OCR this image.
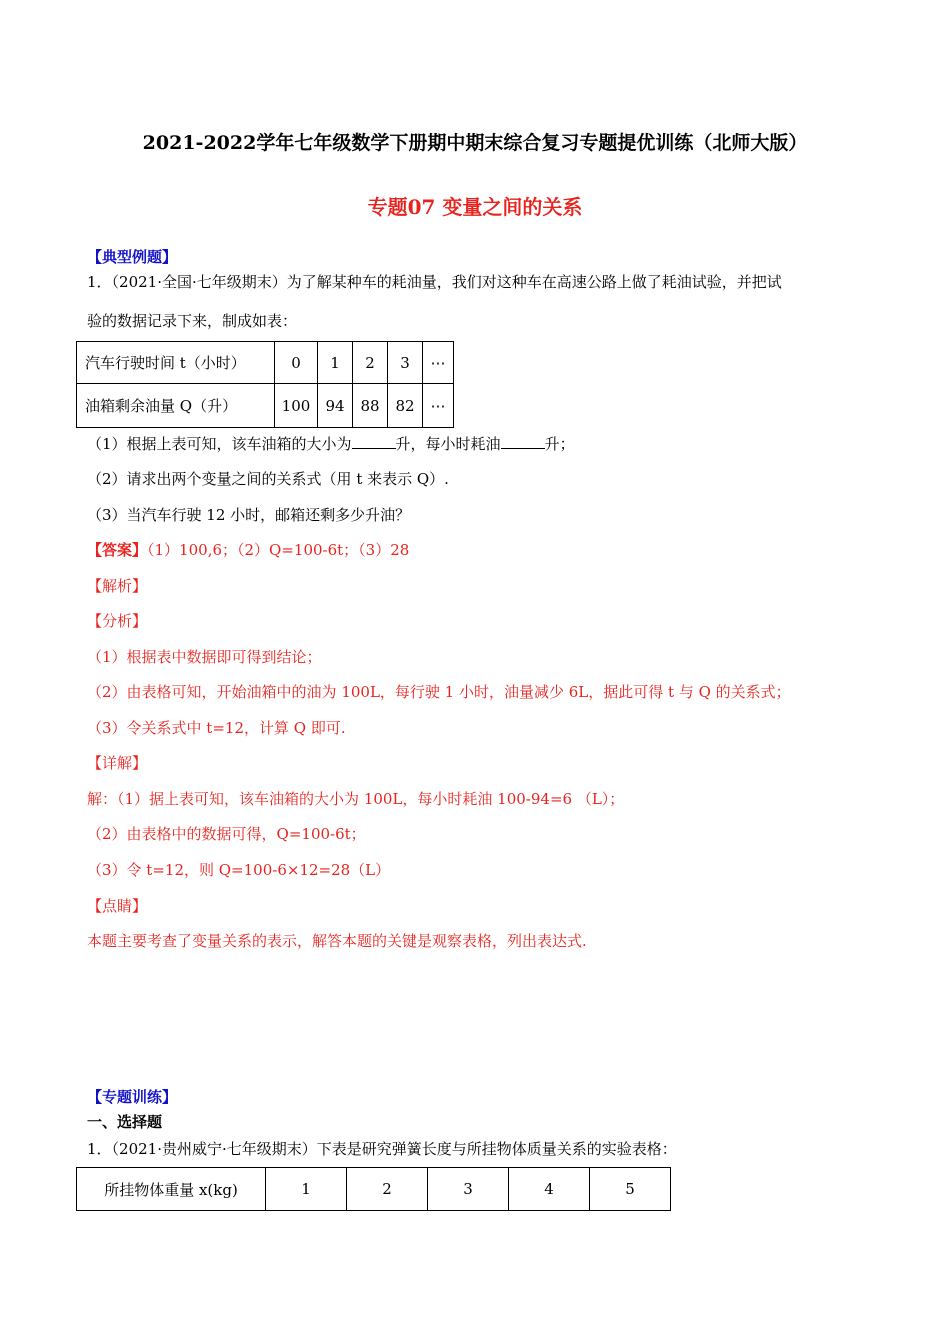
2021-2022学年七年级数学下册期中期末综合复习专题提优训练（北师大版）
专题07 变量之间的关系
【典型例题】
1．（2021·全国·七年级期末）为了解某种车的耗油量，我们对这种车在高速公路上做了耗油试验，并把试
验的数据记录下来，制成如表：
汽车行驶时间 t（小时）	0	1	2	3	⋯
油箱剩余油量 Q（升）	100	94	88	82	⋯
（1）根据上表可知，该车油箱的大小为	升，每小时耗油	升；
（2）请求出两个变量之间的关系式（用 t 来表示 Q）.
（3）当汽车行驶 12 小时，邮箱还剩多少升油？
【答案】（1）100,6；（2）Q=100-6t；（3）28
【解析】
【分析】
（1）根据表中数据即可得到结论；
（2）由表格可知，开始油箱中的油为 100L，每行驶 1 小时，油量减少 6L，据此可得 t 与 Q 的关系式；
（3）令关系式中 t=12，计算 Q 即可.
【详解】
解：（1）据上表可知，该车油箱的大小为 100L，每小时耗油 100-94=6 （L）；
（2）由表格中的数据可得，Q=100-6t；
（3）令 t=12，则 Q=100-6×12=28（L）
【点睛】
本题主要考查了变量关系的表示，解答本题的关键是观察表格，列出表达式.
【专题训练】
一、选择题
1．（2021·贵州威宁·七年级期末）下表是研究弹簧长度与所挂物体质量关系的实验表格：
所挂物体重量 x(kg)	1	2	3	4	5
